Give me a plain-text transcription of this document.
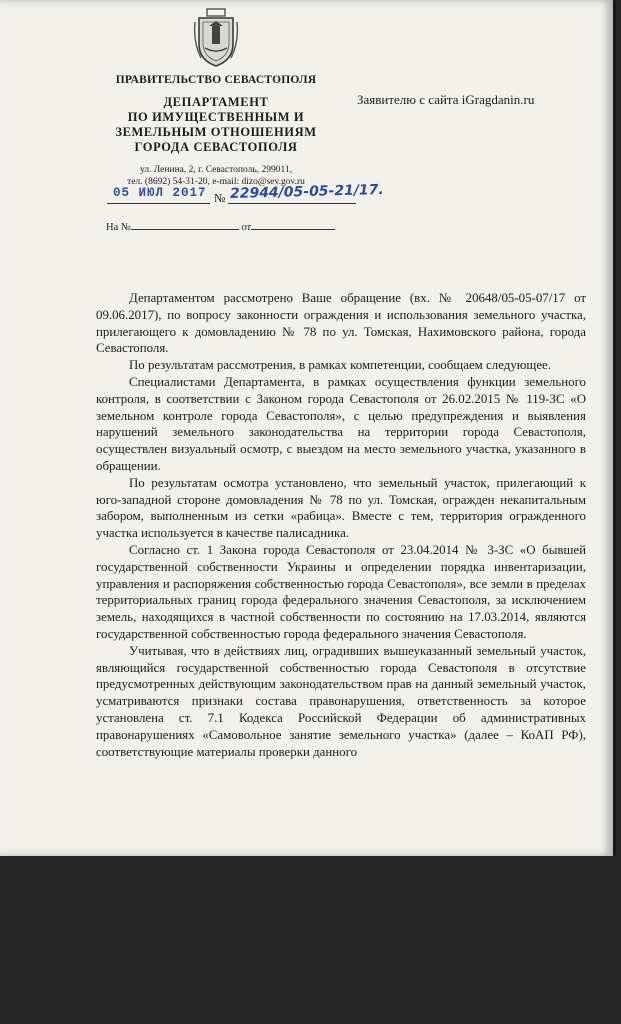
ПРАВИТЕЛЬСТВО СЕВАСТОПОЛЯ
ДЕПАРТАМЕНТ
ПО ИМУЩЕСТВЕННЫМ И
ЗЕМЕЛЬНЫМ ОТНОШЕНИЯМ
ГОРОДА СЕВАСТОПОЛЯ
ул. Ленина, 2, г. Севастополь, 299011,
тел. (8692) 54-31-20, e-mail: dizo@sev.gov.ru
Заявителю с сайта iGragdanin.ru
05 ИЮЛ 2017 № 22944/05-05-21/17.
На №	от

Департаментом рассмотрено Ваше обращение (вх. № 20648/05-05-07/17 от 09.06.2017), по вопросу законности ограждения и использования земельного участка, прилегающего к домовладению № 78 по ул. Томская, Нахимовского района, города Севастополя.

По результатам рассмотрения, в рамках компетенции, сообщаем следующее.

Специалистами Департамента, в рамках осуществления функции земельного контроля, в соответствии с Законом города Севастополя от 26.02.2015 № 119-ЗС «О земельном контроле города Севастополя», с целью предупреждения и выявления нарушений земельного законодательства на территории города Севастополя, осуществлен визуальный осмотр, с выездом на место земельного участка, указанного в обращении.

По результатам осмотра установлено, что земельный участок, прилегающий к юго-западной стороне домовладения № 78 по ул. Томская, огражден некапитальным забором, выполненным из сетки «рабица». Вместе с тем, территория огражденного участка используется в качестве палисадника.

Согласно ст. 1 Закона города Севастополя от 23.04.2014 № 3-ЗС «О бывшей государственной собственности Украины и определении порядка инвентаризации, управления и распоряжения собственностью города Севастополя», все земли в пределах территориальных границ города федерального значения Севастополя, за исключением земель, находящихся в частной собственности по состоянию на 17.03.2014, являются государственной собственностью города федерального значения Севастополя.

Учитывая, что в действиях лиц, оградивших вышеуказанный земельный участок, являющийся государственной собственностью города Севастополя в отсутствие предусмотренных действующим законодательством прав на данный земельный участок, усматриваются признаки состава правонарушения, ответственность за которое установлена ст. 7.1 Кодекса Российской Федерации об административных правонарушениях «Самовольное занятие земельного участка» (далее – КоАП РФ), соответствующие материалы проверки данного
